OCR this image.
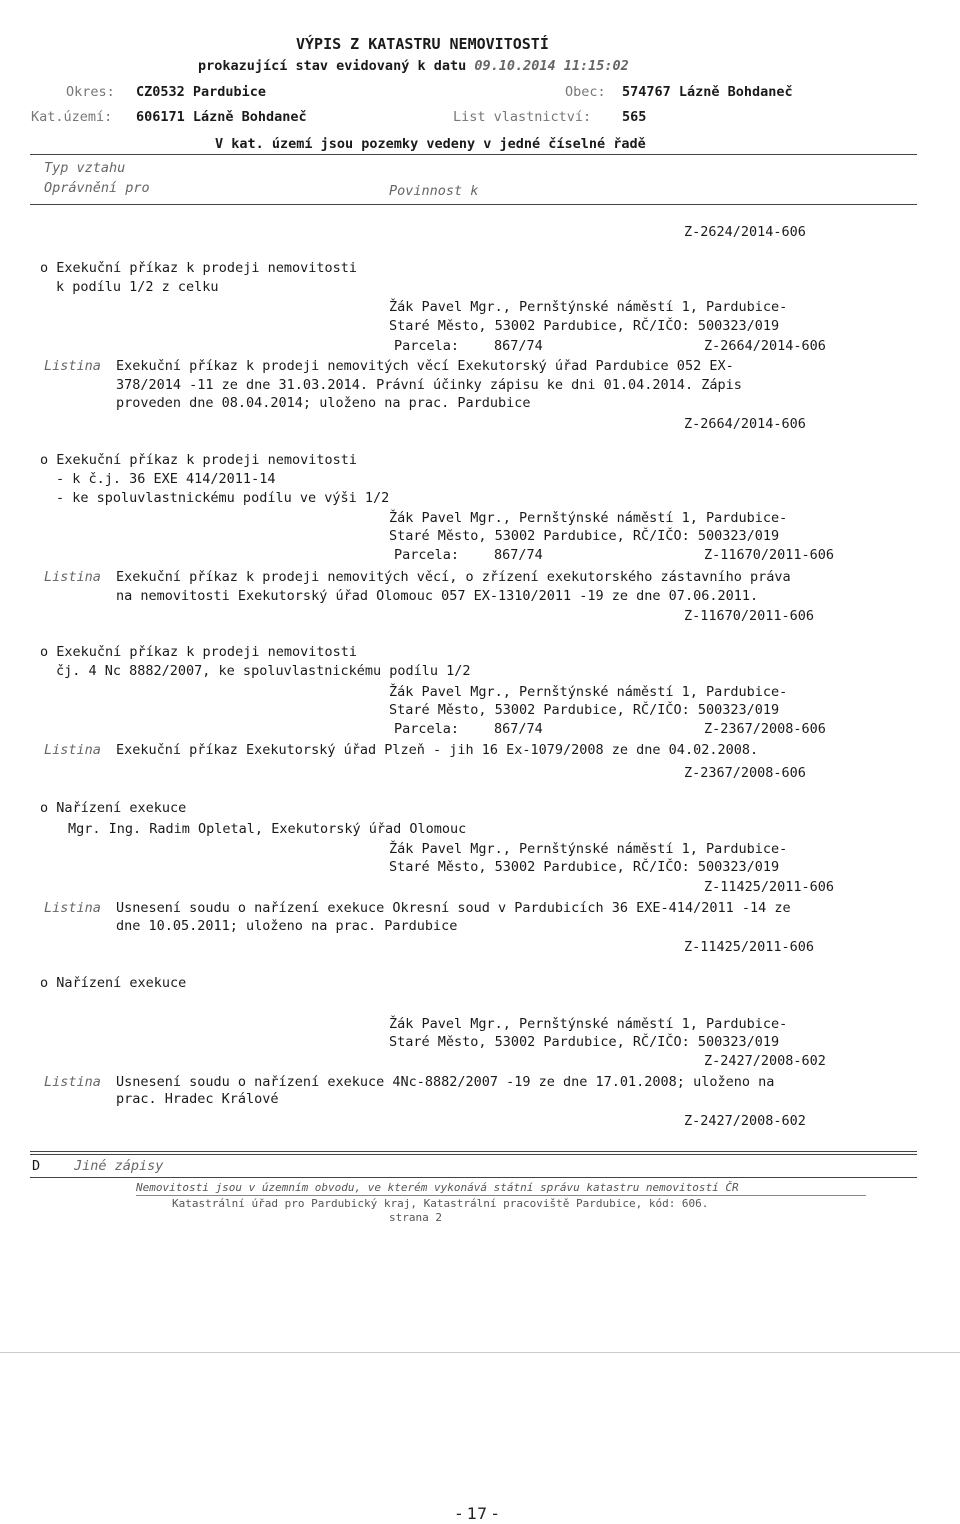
VÝPIS Z KATASTRU NEMOVITOSTÍ
prokazující stav evidovaný k datu 09.10.2014 11:15:02
Okres: CZ0532 Pardubice	Obec: 574767 Lázně Bohdaneč
Kat.území: 606171 Lázně Bohdaneč	List vlastnictví: 565
V kat. území jsou pozemky vedeny v jedné číselné řadě
Typ vztahu
Oprávnění pro	Povinnost k
Z-2624/2014-606
o Exekuční příkaz k prodeji nemovitosti
k podílu 1/2 z celku
Žák Pavel Mgr., Pernštýnské náměstí 1, Pardubice-
Staré Město, 53002 Pardubice, RČ/IČO: 500323/019
Parcela:	867/74	Z-2664/2014-606
Listina Exekuční příkaz k prodeji nemovitých věcí Exekutorský úřad Pardubice 052 EX-
378/2014 -11 ze dne 31.03.2014. Právní účinky zápisu ke dni 01.04.2014. Zápis
proveden dne 08.04.2014; uloženo na prac. Pardubice
Z-2664/2014-606
o Exekuční příkaz k prodeji nemovitosti
- k č.j. 36 EXE 414/2011-14
- ke spoluvlastnickému podílu ve výši 1/2
Žák Pavel Mgr., Pernštýnské náměstí 1, Pardubice-
Staré Město, 53002 Pardubice, RČ/IČO: 500323/019
Parcela:	867/74	Z-11670/2011-606
Listina Exekuční příkaz k prodeji nemovitých věcí, o zřízení exekutorského zástavního práva
na nemovitosti Exekutorský úřad Olomouc 057 EX-1310/2011 -19 ze dne 07.06.2011.
Z-11670/2011-606
o Exekuční příkaz k prodeji nemovitosti
čj. 4 Nc 8882/2007, ke spoluvlastnickému podílu 1/2
Žák Pavel Mgr., Pernštýnské náměstí 1, Pardubice-
Staré Město, 53002 Pardubice, RČ/IČO: 500323/019
Parcela:	867/74	Z-2367/2008-606
Listina Exekuční příkaz Exekutorský úřad Plzeň - jih 16 Ex-1079/2008 ze dne 04.02.2008.
Z-2367/2008-606
o Nařízení exekuce
Mgr. Ing. Radim Opletal, Exekutorský úřad Olomouc
Žák Pavel Mgr., Pernštýnské náměstí 1, Pardubice-
Staré Město, 53002 Pardubice, RČ/IČO: 500323/019
Z-11425/2011-606
Listina Usnesení soudu o nařízení exekuce Okresní soud v Pardubicích 36 EXE-414/2011 -14 ze
dne 10.05.2011; uloženo na prac. Pardubice
Z-11425/2011-606
o Nařízení exekuce
Žák Pavel Mgr., Pernštýnské náměstí 1, Pardubice-
Staré Město, 53002 Pardubice, RČ/IČO: 500323/019
Z-2427/2008-602
Listina Usnesení soudu o nařízení exekuce 4Nc-8882/2007 -19 ze dne 17.01.2008; uloženo na
prac. Hradec Králové
Z-2427/2008-602
D	Jiné zápisy
Nemovitosti jsou v územním obvodu, ve kterém vykonává státní správu katastru nemovitostí ČR
Katastrální úřad pro Pardubický kraj, Katastrální pracoviště Pardubice, kód: 606.
strana 2
- 17 -
